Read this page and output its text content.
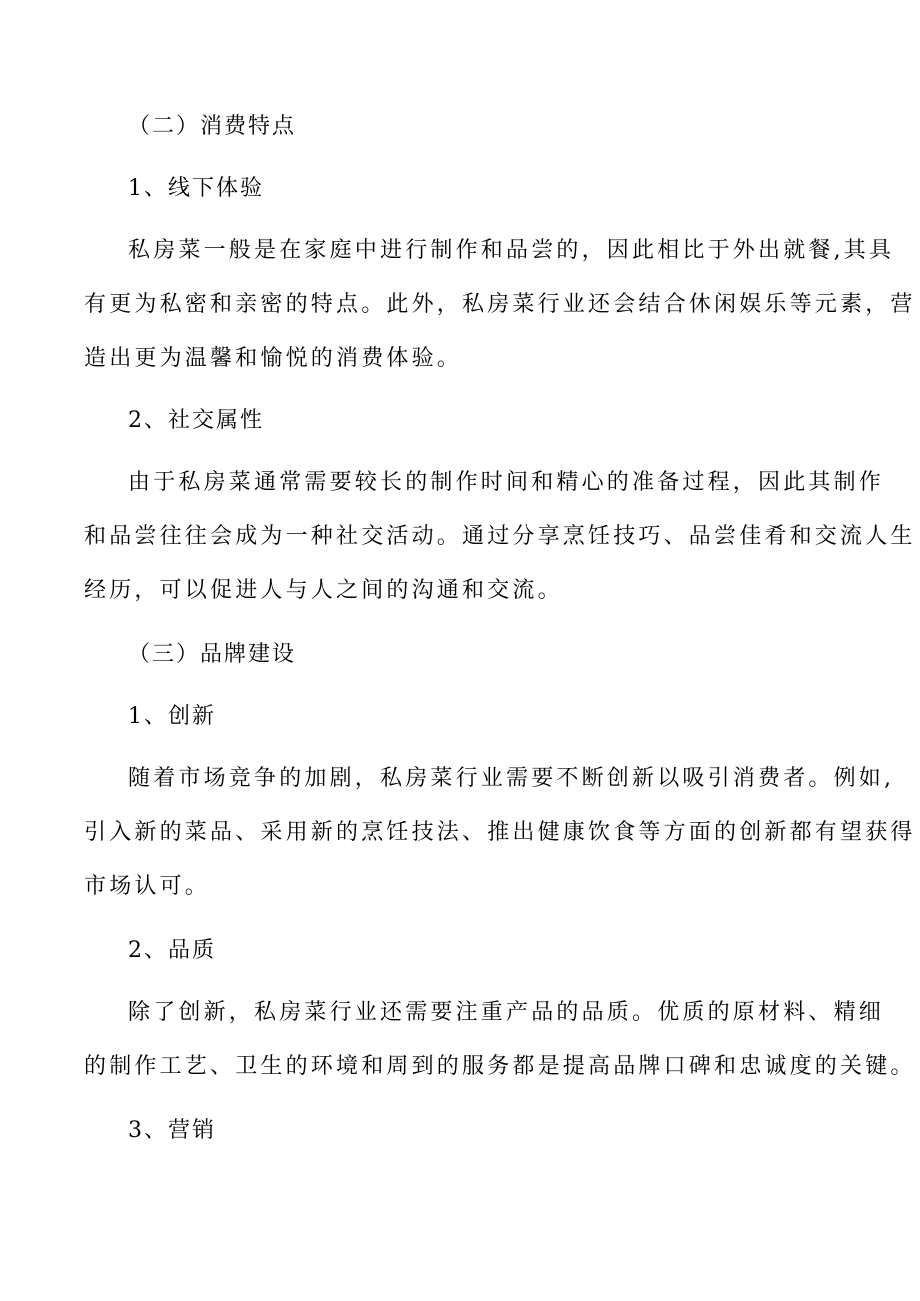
（二）消费特点
1、线下体验
私房菜一般是在家庭中进行制作和品尝的，因此相比于外出就餐,其具
有更为私密和亲密的特点。此外，私房菜行业还会结合休闲娱乐等元素，营
造出更为温馨和愉悦的消费体验。
2、社交属性
由于私房菜通常需要较长的制作时间和精心的准备过程，因此其制作
和品尝往往会成为一种社交活动。通过分享烹饪技巧、品尝佳肴和交流人生
经历，可以促进人与人之间的沟通和交流。
（三）品牌建设
1、创新
随着市场竞争的加剧，私房菜行业需要不断创新以吸引消费者。例如,
引入新的菜品、采用新的烹饪技法、推出健康饮食等方面的创新都有望获得
市场认可。
2、品质
除了创新，私房菜行业还需要注重产品的品质。优质的原材料、精细
的制作工艺、卫生的环境和周到的服务都是提高品牌口碑和忠诚度的关键。
3、营销
